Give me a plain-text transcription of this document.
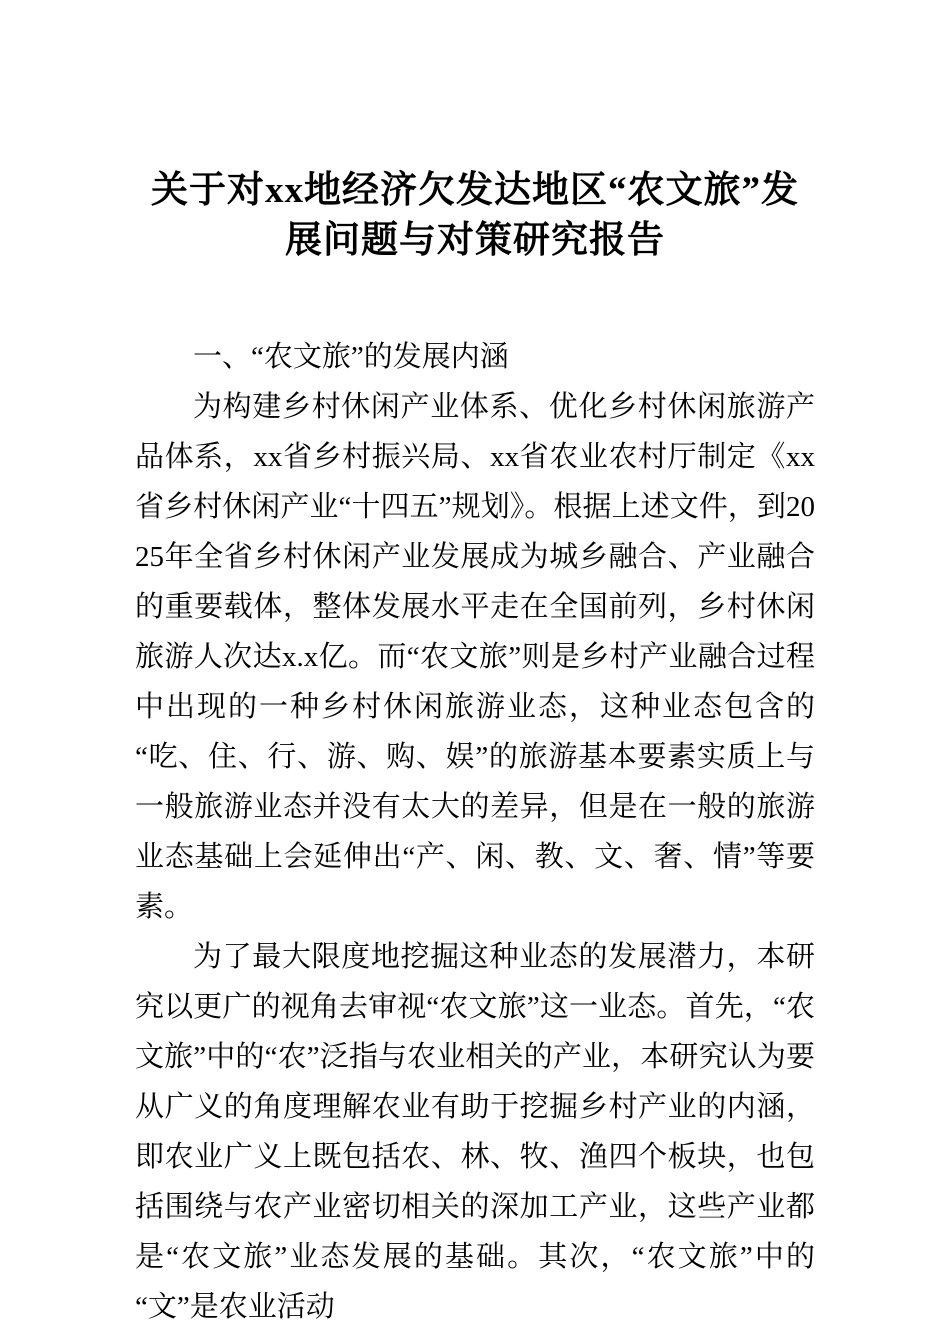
关于对xx地经济欠发达地区“农文旅”发展问题与对策研究报告

一、“农文旅”的发展内涵

为构建乡村休闲产业体系、优化乡村休闲旅游产品体系，xx省乡村振兴局、xx省农业农村厅制定《xx省乡村休闲产业“十四五”规划》。根据上述文件，到2025年全省乡村休闲产业发展成为城乡融合、产业融合的重要载体，整体发展水平走在全国前列，乡村休闲旅游人次达x.x亿。而“农文旅”则是乡村产业融合过程中出现的一种乡村休闲旅游业态，这种业态包含的“吃、住、行、游、购、娱”的旅游基本要素实质上与一般旅游业态并没有太大的差异，但是在一般的旅游业态基础上会延伸出“产、闲、教、文、奢、情”等要素。

为了最大限度地挖掘这种业态的发展潜力，本研究以更广的视角去审视“农文旅”这一业态。首先，“农文旅”中的“农”泛指与农业相关的产业，本研究认为要从广义的角度理解农业有助于挖掘乡村产业的内涵，即农业广义上既包括农、林、牧、渔四个板块，也包括围绕与农产业密切相关的深加工产业，这些产业都是“农文旅”业态发展的基础。其次，“农文旅”中的“文”是农业活动
